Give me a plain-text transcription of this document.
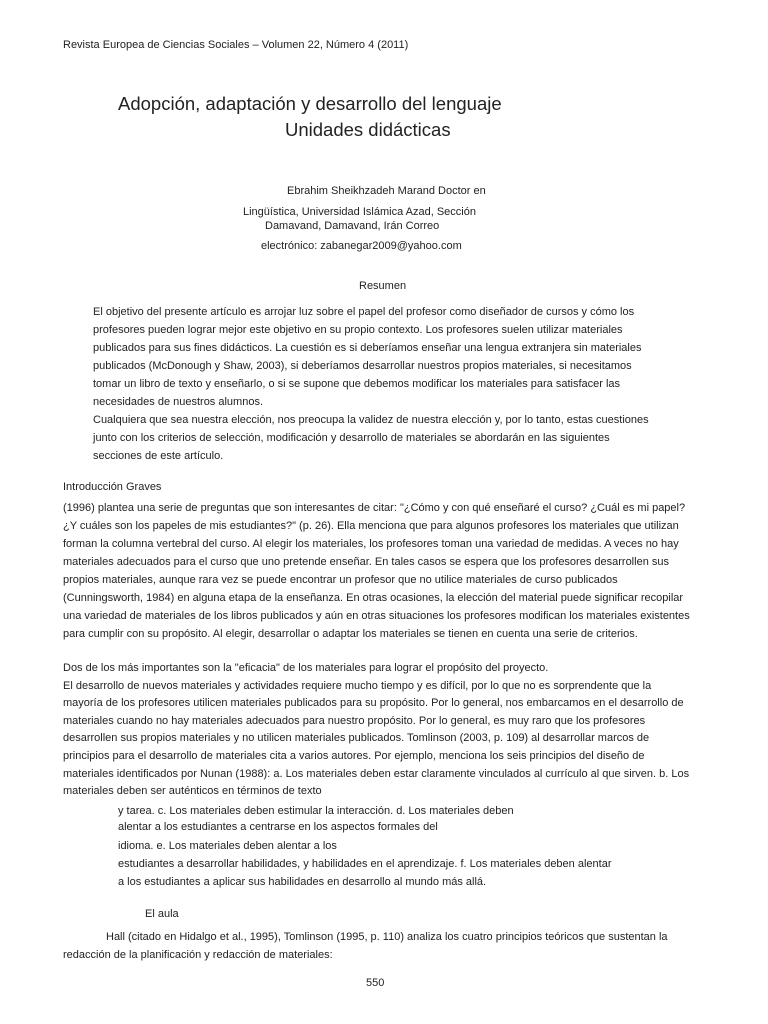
Revista Europea de Ciencias Sociales – Volumen 22, Número 4 (2011)
Adopción, adaptación y desarrollo del lenguaje
Unidades didácticas
Ebrahim Sheikhzadeh Marand Doctor en
Lingüística, Universidad Islámica Azad, Sección
Damavand, Damavand, Irán Correo
electrónico: zabanegar2009@yahoo.com
Resumen
El objetivo del presente artículo es arrojar luz sobre el papel del profesor como diseñador de cursos y cómo los
profesores pueden lograr mejor este objetivo en su propio contexto. Los profesores suelen utilizar materiales
publicados para sus fines didácticos. La cuestión es si deberíamos enseñar una lengua extranjera sin materiales
publicados (McDonough y Shaw, 2003), si deberíamos desarrollar nuestros propios materiales, si necesitamos
tomar un libro de texto y enseñarlo, o si se supone que debemos modificar los materiales para satisfacer las
necesidades de nuestros alumnos.
Cualquiera que sea nuestra elección, nos preocupa la validez de nuestra elección y, por lo tanto, estas cuestiones
junto con los criterios de selección, modificación y desarrollo de materiales se abordarán en las siguientes
secciones de este artículo.
Introducción Graves
(1996) plantea una serie de preguntas que son interesantes de citar: "¿Cómo y con qué enseñaré el curso? ¿Cuál es mi papel?
¿Y cuáles son los papeles de mis estudiantes?" (p. 26). Ella menciona que para algunos profesores los materiales que utilizan
forman la columna vertebral del curso. Al elegir los materiales, los profesores toman una variedad de medidas. A veces no hay
materiales adecuados para el curso que uno pretende enseñar. En tales casos se espera que los profesores desarrollen sus
propios materiales, aunque rara vez se puede encontrar un profesor que no utilice materiales de curso publicados
(Cunningsworth, 1984) en alguna etapa de la enseñanza. En otras ocasiones, la elección del material puede significar recopilar
una variedad de materiales de los libros publicados y aún en otras situaciones los profesores modifican los materiales existentes
para cumplir con su propósito. Al elegir, desarrollar o adaptar los materiales se tienen en cuenta una serie de criterios.
Dos de los más importantes son la "eficacia" de los materiales para lograr el propósito del proyecto.
El desarrollo de nuevos materiales y actividades requiere mucho tiempo y es difícil, por lo que no es sorprendente que la
mayoría de los profesores utilicen materiales publicados para su propósito. Por lo general, nos embarcamos en el desarrollo de
materiales cuando no hay materiales adecuados para nuestro propósito. Por lo general, es muy raro que los profesores
desarrollen sus propios materiales y no utilicen materiales publicados. Tomlinson (2003, p. 109) al desarrollar marcos de
principios para el desarrollo de materiales cita a varios autores. Por ejemplo, menciona los seis principios del diseño de
materiales identificados por Nunan (1988): a. Los materiales deben estar claramente vinculados al currículo al que sirven. b. Los
materiales deben ser auténticos en términos de texto
y tarea. c. Los materiales deben estimular la interacción. d. Los materiales deben
alentar a los estudiantes a centrarse en los aspectos formales del
idioma. e. Los materiales deben alentar a los
estudiantes a desarrollar habilidades, y habilidades en el aprendizaje. f. Los materiales deben alentar
a los estudiantes a aplicar sus habilidades en desarrollo al mundo más allá.
El aula
Hall (citado en Hidalgo et al., 1995), Tomlinson (1995, p. 110) analiza los cuatro principios teóricos que sustentan la
redacción de la planificación y redacción de materiales:
550
